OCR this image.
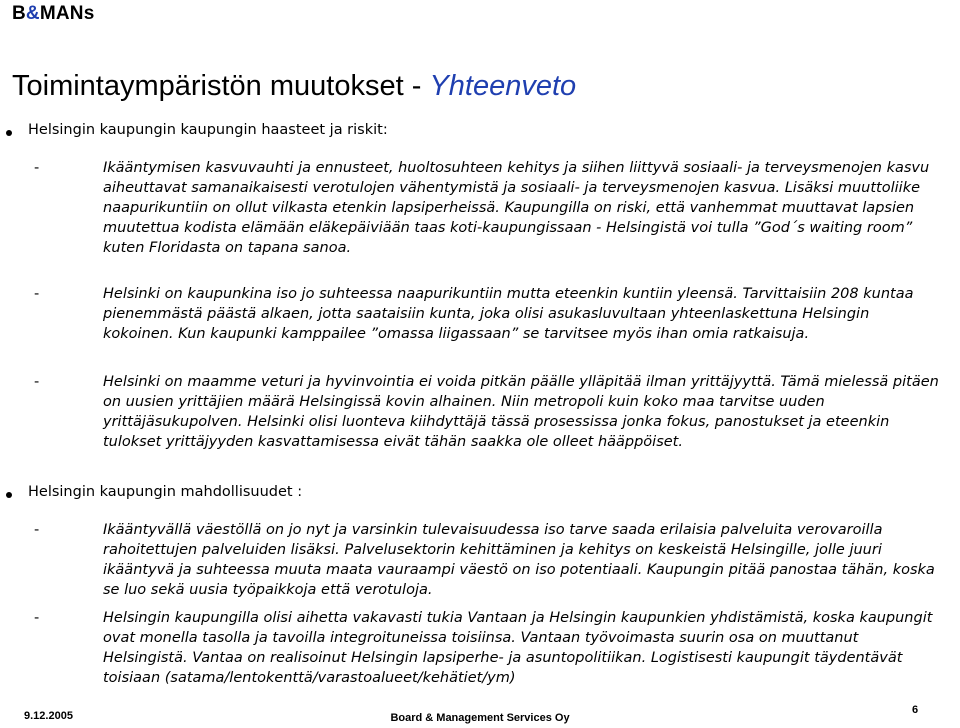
B&MANs
Toimintaympäristön muutokset - Yhteenveto
Helsingin kaupungin kaupungin haasteet ja riskit:
-	Ikääntymisen kasvuvauhti ja ennusteet, huoltosuhteen kehitys ja siihen liittyvä sosiaali- ja terveysmenojen kasvu aiheuttavat samanaikaisesti verotulojen vähentymistä ja sosiaali- ja terveysmenojen kasvua. Lisäksi muuttoliike naapurikuntiin on ollut vilkasta etenkin lapsiperheissä. Kaupungilla on riski, että vanhemmat muuttavat lapsien muutettua kodista elämään eläkepäiviään taas koti-kaupungissaan - Helsingistä voi tulla ”God´s waiting room” kuten Floridasta on tapana sanoa.
-	Helsinki on kaupunkina iso jo suhteessa naapurikuntiin mutta eteenkin kuntiin yleensä. Tarvittaisiin 208 kuntaa pienemmästä päästä alkaen, jotta saataisiin kunta, joka olisi asukasluvultaan yhteenlaskettuna Helsingin kokoinen. Kun kaupunki kamppailee ”omassa liigassaan” se tarvitsee myös ihan omia ratkaisuja.
-	Helsinki on maamme veturi ja hyvinvointia ei voida pitkän päälle ylläpitää ilman yrittäjyyttä. Tämä mielessä pitäen on uusien yrittäjien määrä Helsingissä kovin alhainen. Niin metropoli kuin koko maa tarvitse uuden yrittäjäsukupolven. Helsinki olisi luonteva kiihdyttäjä tässä prosessissa jonka fokus, panostukset ja eteenkin tulokset yrittäjyyden kasvattamisessa eivät tähän saakka ole olleet hääppöiset.
Helsingin kaupungin mahdollisuudet :
-	Ikääntyvällä väestöllä on jo nyt ja varsinkin tulevaisuudessa iso tarve saada erilaisia palveluita verovaroilla rahoitettujen palveluiden lisäksi. Palvelusektorin kehittäminen ja kehitys on keskeistä Helsingille, jolle juuri ikääntyvä ja suhteessa muuta maata vauraampi väestö on iso potentiaali. Kaupungin pitää panostaa tähän, koska se luo sekä uusia työpaikkoja että verotuloja.
-	Helsingin kaupungilla olisi aihetta vakavasti tukia Vantaan ja Helsingin kaupunkien yhdistämistä, koska kaupungit ovat monella tasolla ja tavoilla integroituneissa toisiinsa. Vantaan työvoimasta suurin osa on muuttanut Helsingistä. Vantaa on realisoinut Helsingin lapsiperhe- ja asuntopolitiikan. Logistisesti kaupungit täydentävät toisiaan (satama/lentokenttä/varastoalueet/kehätiet/ym)
9.12.2005	Board & Management Services Oy
6
